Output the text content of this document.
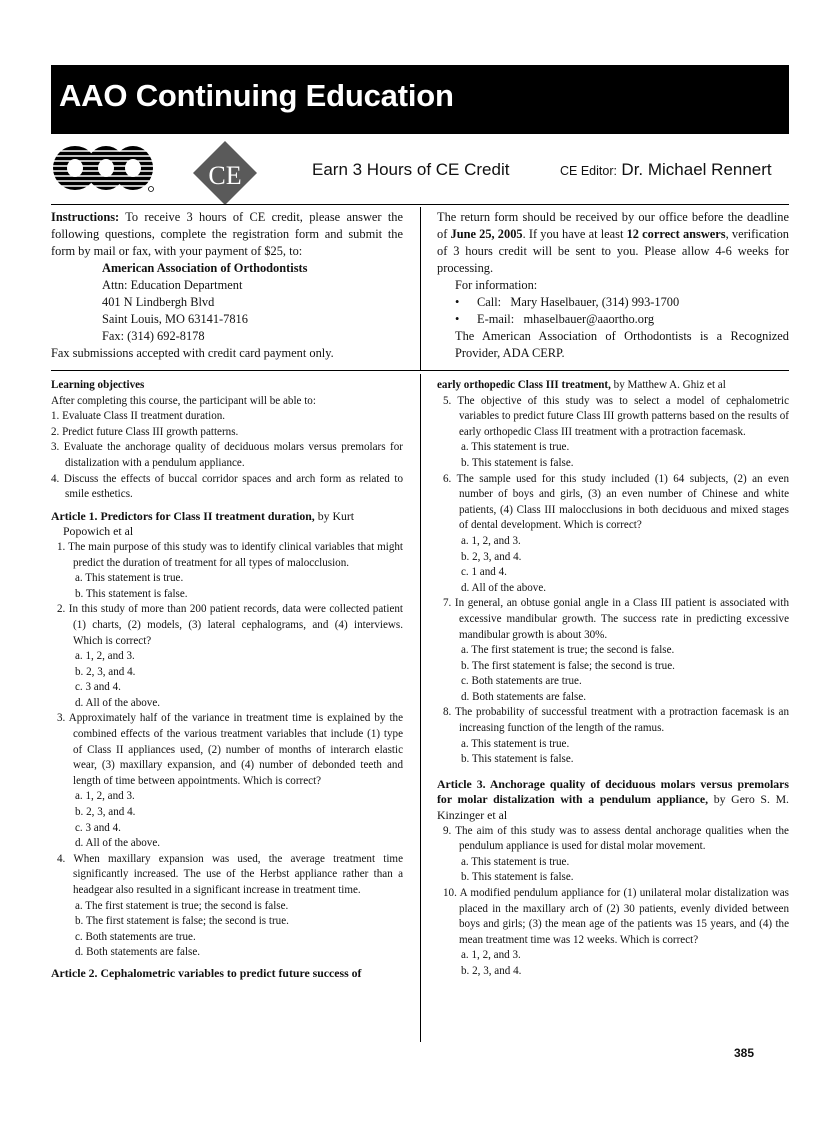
AAO Continuing Education
CE	Earn 3 Hours of CE Credit	CE Editor: Dr. Michael Rennert

Instructions: To receive 3 hours of CE credit, please answer the following questions, complete the registration form and submit the form by mail or fax, with your payment of $25, to:

American Association of Orthodontists

Attn: Education Department

401 N Lindbergh Blvd

Saint Louis, MO 63141-7816

Fax: (314) 692-8178

Fax submissions accepted with credit card payment only.

The return form should be received by our office before the deadline of June 25, 2005. If you have at least 12 correct answers, verification of 3 hours credit will be sent to you. Please allow 4-6 weeks for processing.

For information:

• Call: Mary Haselbauer, (314) 993-1700

• E-mail: mhaselbauer@aaortho.org

The American Association of Orthodontists is a Recognized Provider, ADA CERP.

Learning objectives

After completing this course, the participant will be able to:

1. Evaluate Class II treatment duration.

2. Predict future Class III growth patterns.

3. Evaluate the anchorage quality of deciduous molars versus premolars for distalization with a pendulum appliance.

4. Discuss the effects of buccal corridor spaces and arch form as related to smile esthetics.

Article 1. Predictors for Class II treatment duration, by Kurt Popowich et al

1. The main purpose of this study was to identify clinical variables that might predict the duration of treatment for all types of malocclusion.

a. This statement is true.

b. This statement is false.

2. In this study of more than 200 patient records, data were collected patient (1) charts, (2) models, (3) lateral cephalograms, and (4) interviews. Which is correct?

a. 1, 2, and 3.

b. 2, 3, and 4.

c. 3 and 4.

d. All of the above.

3. Approximately half of the variance in treatment time is explained by the combined effects of the various treatment variables that include (1) type of Class II appliances used, (2) number of months of interarch elastic wear, (3) maxillary expansion, and (4) number of debonded teeth and length of time between appointments. Which is correct?

a. 1, 2, and 3.

b. 2, 3, and 4.

c. 3 and 4.

d. All of the above.

4. When maxillary expansion was used, the average treatment time significantly increased. The use of the Herbst appliance rather than a headgear also resulted in a significant increase in treatment time.

a. The first statement is true; the second is false.

b. The first statement is false; the second is true.

c. Both statements are true.

d. Both statements are false.

Article 2. Cephalometric variables to predict future success of

early orthopedic Class III treatment, by Matthew A. Ghiz et al

5. The objective of this study was to select a model of cephalometric variables to predict future Class III growth patterns based on the results of early orthopedic Class III treatment with a protraction facemask.

a. This statement is true.

b. This statement is false.

6. The sample used for this study included (1) 64 subjects, (2) an even number of boys and girls, (3) an even number of Chinese and white patients, (4) Class III malocclusions in both deciduous and mixed stages of dental development. Which is correct?

a. 1, 2, and 3.

b. 2, 3, and 4.

c. 1 and 4.

d. All of the above.

7. In general, an obtuse gonial angle in a Class III patient is associated with excessive mandibular growth. The success rate in predicting excessive mandibular growth is about 30%.

a. The first statement is true; the second is false.

b. The first statement is false; the second is true.

c. Both statements are true.

d. Both statements are false.

8. The probability of successful treatment with a protraction facemask is an increasing function of the length of the ramus.

a. This statement is true.

b. This statement is false.

Article 3. Anchorage quality of deciduous molars versus premolars for molar distalization with a pendulum appliance, by Gero S. M. Kinzinger et al

9. The aim of this study was to assess dental anchorage qualities when the pendulum appliance is used for distal molar movement.

a. This statement is true.

b. This statement is false.

10. A modified pendulum appliance for (1) unilateral molar distalization was placed in the maxillary arch of (2) 30 patients, evenly divided between boys and girls; (3) the mean age of the patients was 15 years, and (4) the mean treatment time was 12 weeks. Which is correct?

a. 1, 2, and 3.

b. 2, 3, and 4.

385
